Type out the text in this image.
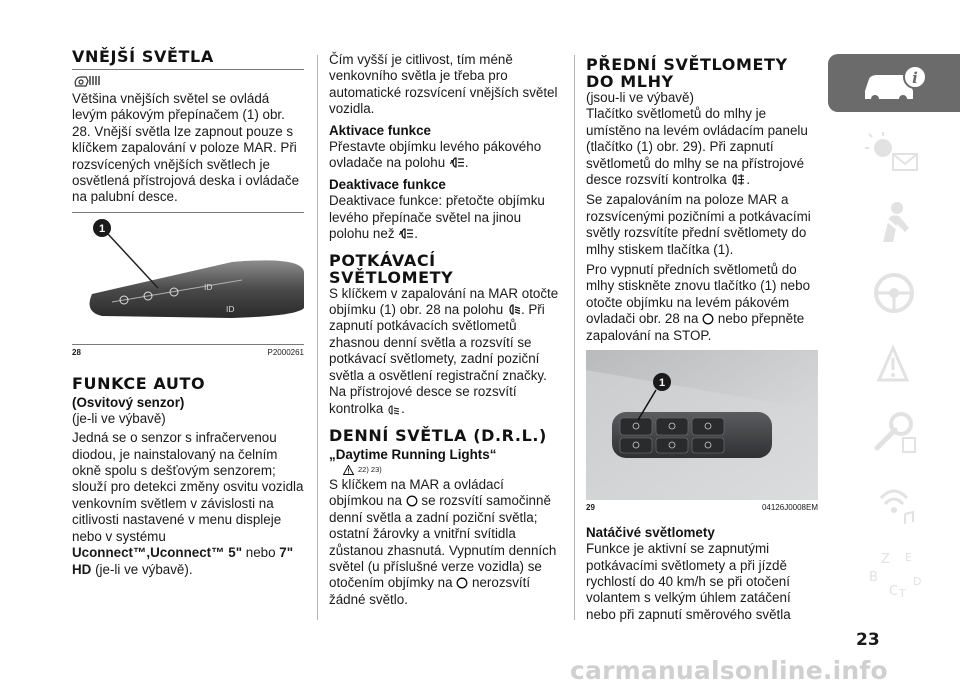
VNĚJŠÍ SVĚTLA

Většina vnějších světel se ovládá levým pákovým přepínačem (1) obr. 28. Vnější světla lze zapnout pouze s klíčkem zapalování v poloze MAR. Při rozsvícených vnějších světlech je osvětlená přístrojová deska i ovládače na palubní desce.

ID
ID
1
28	P2000261
FUNKCE AUTO
(Osvitový senzor)

(je-li ve výbavě)

Jedná se o senzor s infračervenou diodou, je nainstalovaný na čelním okně spolu s dešťovým senzorem; slouží pro detekci změny osvitu vozidla venkovním světlem v závislosti na citlivosti nastavené v menu displeje nebo v systému Uconnect™,Uconnect™ 5" nebo 7" HD (je-li ve výbavě).

Čím vyšší je citlivost, tím méně venkovního světla je třeba pro automatické rozsvícení vnějších světel vozidla.

Aktivace funkce

Přestavte objímku levého pákového ovladače na polohu A .

Deaktivace funkce

Deaktivace funkce: přetočte objímku levého přepínače světel na jinou polohu než A .

POTKÁVACÍ SVĚTLOMETY

S klíčkem v zapalování na MAR otočte objímku (1) obr. 28 na polohu . Při zapnutí potkávacích světlometů zhasnou denní světla a rozsvítí se potkávací světlomety, zadní poziční světla a osvětlení registrační značky. Na přístrojové desce se rozsvítí kontrolka .

DENNÍ SVĚTLA (D.R.L.)
„Daytime Running Lights“
22) 23)

S klíčkem na MAR a ovládací objímkou na  se rozsvítí samočinně denní světla a zadní poziční světla; ostatní žárovky a vnitřní svítidla zůstanou zhasnutá. Vypnutím denních světel (u příslušné verze vozidla) se otočením objímky na  nerozsvítí žádné světlo.

PŘEDNÍ SVĚTLOMETY DO MLHY

(jsou-li ve výbavě)

Tlačítko světlometů do mlhy je umístěno na levém ovládacím panelu (tlačítko (1) obr. 29). Při zapnutí světlometů do mlhy se na přístrojové desce rozsvítí kontrolka .

Se zapalováním na poloze MAR a rozsvícenými pozičními a potkávacími světly rozsvítíte přední světlomety do mlhy stiskem tlačítka (1).

Pro vypnutí předních světlometů do mlhy stiskněte znovu tlačítko (1) nebo otočte objímku na levém pákovém ovladači obr. 28 na  nebo přepněte zapalování na STOP.

1
29	04126J0008EM
Natáčivé světlomety

Funkce je aktivní se zapnutými potkávacími světlomety a při jízdě rychlostí do 40 km/h se při otočení volantem s velkým úhlem zatáčení nebo při zapnutí směrového světla

i
Z E
B
C T
D
23
carmanualsonline.info
